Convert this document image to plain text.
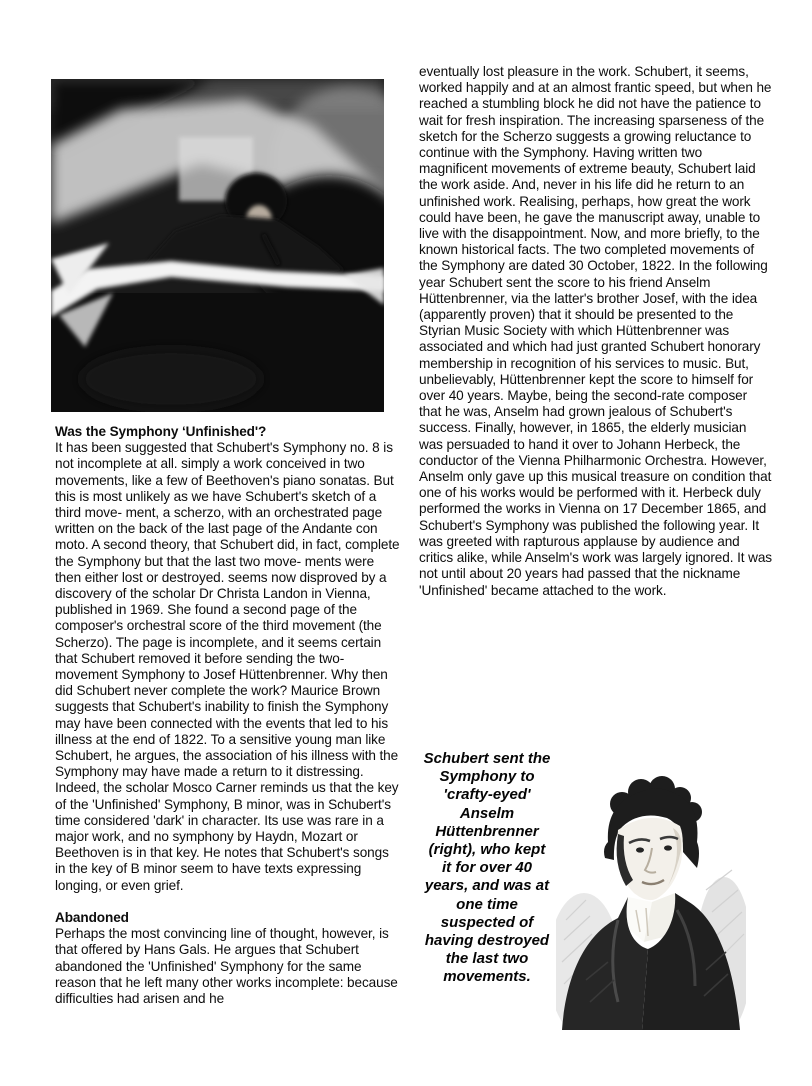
Was the Symphony ‘Unfinished'?

It has been suggested that Schubert's Symphony no. 8 is not incomplete at all. simply a work conceived in two movements, like a few of Beethoven's piano sonatas. But this is most unlikely as we have Schubert's sketch of a third move- ment, a scherzo, with an orchestrated page written on the back of the last page of the Andante con moto. A second theory, that Schubert did, in fact, complete the Symphony but that the last two move- ments were then either lost or destroyed. seems now disproved by a discovery of the scholar Dr Christa Landon in Vienna, published in 1969. She found a second page of the composer's orchestral score of the third movement (the Scherzo). The page is incomplete, and it seems certain that Schubert removed it before sending the two-movement Symphony to Josef Hüttenbrenner. Why then did Schubert never complete the work? Maurice Brown suggests that Schubert's inability to finish the Symphony may have been connected with the events that led to his illness at the end of 1822. To a sensitive young man like Schubert, he argues, the association of his illness with the Symphony may have made a return to it distressing. Indeed, the scholar Mosco Carner reminds us that the key of the 'Unfinished' Symphony, B minor, was in Schubert's time considered 'dark' in character. Its use was rare in a major work, and no symphony by Haydn, Mozart or Beethoven is in that key. He notes that Schubert's songs in the key of B minor seem to have texts expressing longing, or even grief.

Abandoned

Perhaps the most convincing line of thought, however, is that offered by Hans Gals. He argues that Schubert abandoned the 'Unfinished' Symphony for the same reason that he left many other works incomplete: because difficulties had arisen and he

eventually lost pleasure in the work. Schubert, it seems, worked happily and at an almost frantic speed, but when he reached a stumbling block he did not have the patience to wait for fresh inspiration. The increasing sparseness of the sketch for the Scherzo suggests a growing reluctance to continue with the Symphony. Having written two magnificent movements of extreme beauty, Schubert laid the work aside. And, never in his life did he return to an unfinished work. Realising, perhaps, how great the work could have been, he gave the manuscript away, unable to live with the disappointment. Now, and more briefly, to the known historical facts. The two completed movements of the Symphony are dated 30 October, 1822. In the following year Schubert sent the score to his friend Anselm Hüttenbrenner, via the latter's brother Josef, with the idea (apparently proven) that it should be presented to the Styrian Music Society with which Hüttenbrenner was associated and which had just granted Schubert honorary membership in recognition of his services to music. But, unbelievably, Hüttenbrenner kept the score to himself for over 40 years. Maybe, being the second-rate composer that he was, Anselm had grown jealous of Schubert's success. Finally, however, in 1865, the elderly musician was persuaded to hand it over to Johann Herbeck, the conductor of the Vienna Philharmonic Orchestra. However, Anselm only gave up this musical treasure on condition that one of his works would be performed with it. Herbeck duly performed the works in Vienna on 17 December 1865, and Schubert's Symphony was published the following year. It was greeted with rapturous applause by audience and critics alike, while Anselm's work was largely ignored. It was not until about 20 years had passed that the nickname 'Unfinished' became attached to the work.

Schubert sent the Symphony to 'crafty-eyed' Anselm Hüttenbrenner (right), who kept it for over 40 years, and was at one time suspected of having destroyed the last two movements.
